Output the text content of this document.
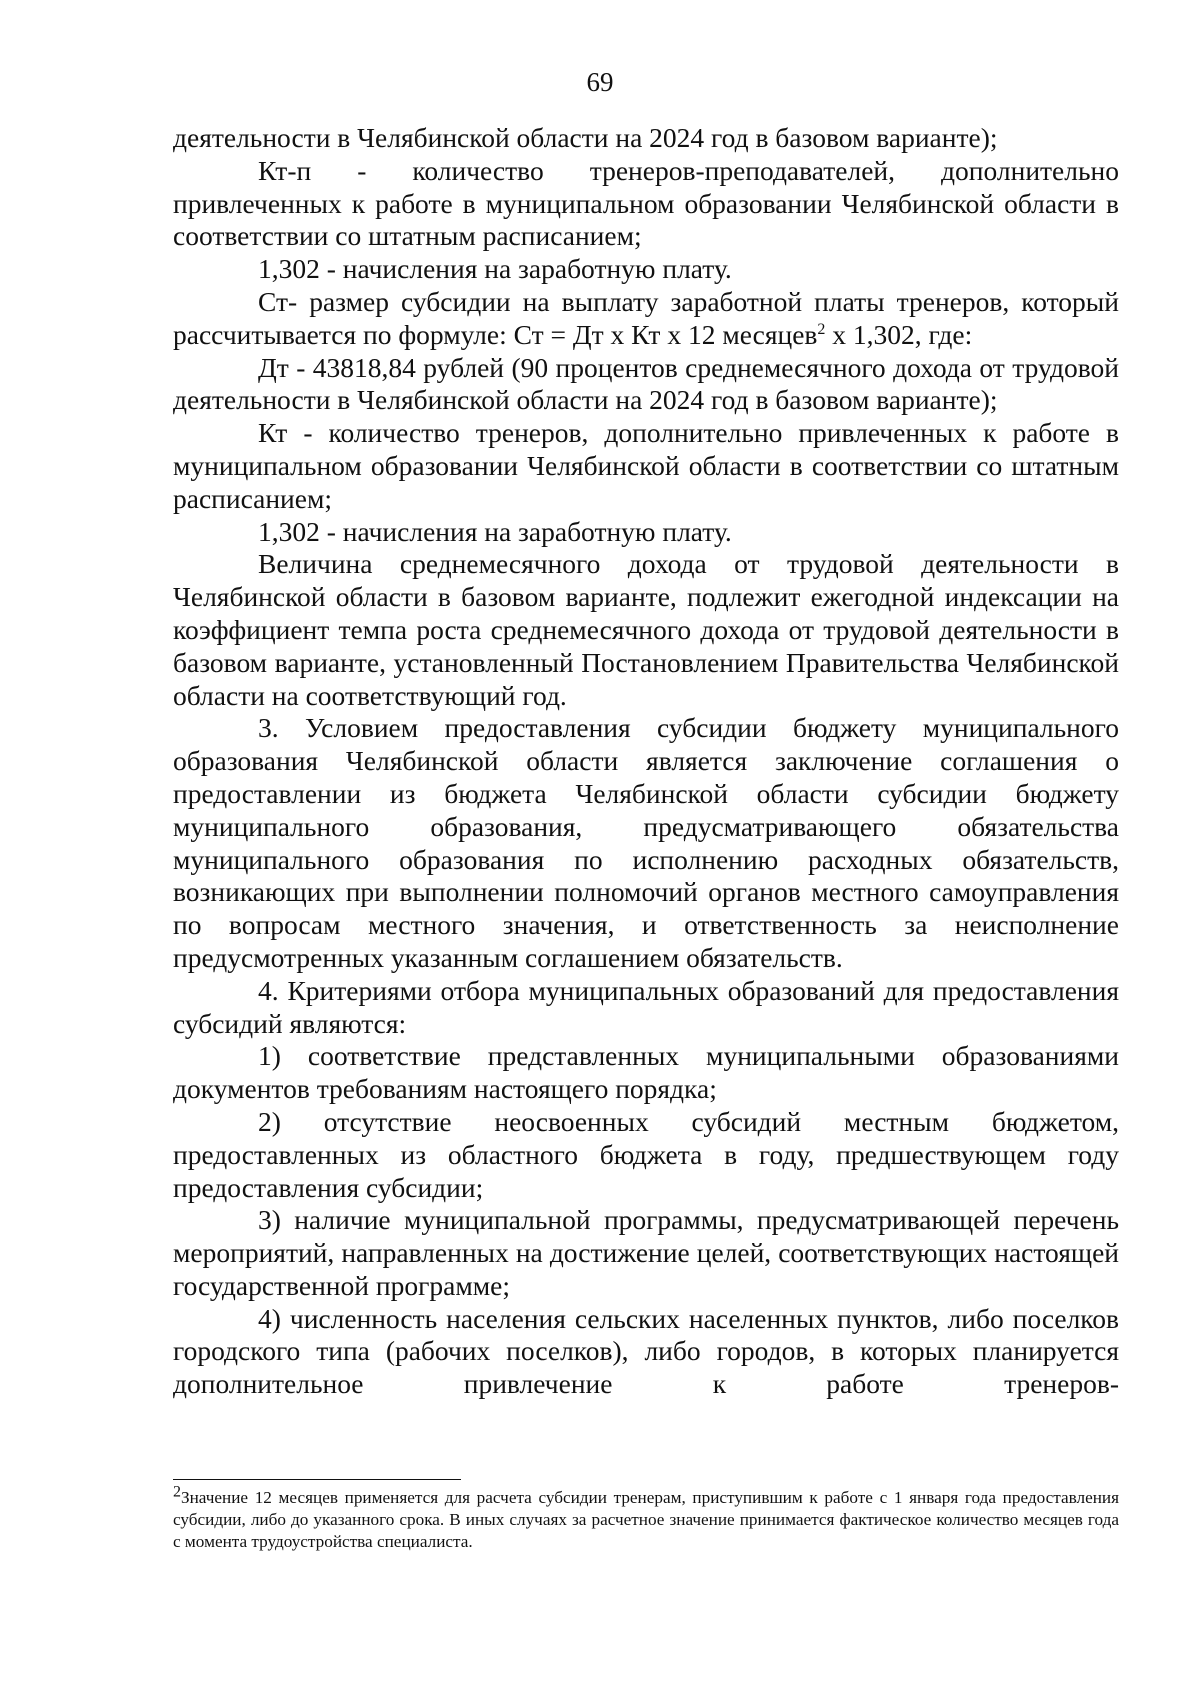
69

деятельности в Челябинской области на 2024 год в базовом варианте);

Кт-п - количество тренеров-преподавателей, дополнительно привлеченных к работе в муниципальном образовании Челябинской области в соответствии со штатным расписанием;

1,302 - начисления на заработную плату.

Ст- размер субсидии на выплату заработной платы тренеров, который рассчитывается по формуле: Ст = Дт х Кт х 12 месяцев$^2$ х 1,302, где:

Дт - 43818,84 рублей (90 процентов среднемесячного дохода от трудовой деятельности в Челябинской области на 2024 год в базовом варианте);

Кт - количество тренеров, дополнительно привлеченных к работе в муниципальном образовании Челябинской области в соответствии со штатным расписанием;

1,302 - начисления на заработную плату.

Величина среднемесячного дохода от трудовой деятельности в Челябинской области в базовом варианте, подлежит ежегодной индексации на коэффициент темпа роста среднемесячного дохода от трудовой деятельности в базовом варианте, установленный Постановлением Правительства Челябинской области на соответствующий год.

3. Условием предоставления субсидии бюджету муниципального образования Челябинской области является заключение соглашения о предоставлении из бюджета Челябинской области субсидии бюджету муниципального образования, предусматривающего обязательства муниципального образования по исполнению расходных обязательств, возникающих при выполнении полномочий органов местного самоуправления по вопросам местного значения, и ответственность за неисполнение предусмотренных указанным соглашением обязательств.

4. Критериями отбора муниципальных образований для предоставления субсидий являются:

1) соответствие представленных муниципальными образованиями документов требованиям настоящего порядка;

2) отсутствие неосвоенных субсидий местным бюджетом, предоставленных из областного бюджета в году, предшествующем году предоставления субсидии;

3) наличие муниципальной программы, предусматривающей перечень мероприятий, направленных на достижение целей, соответствующих настоящей государственной программе;

4) численность населения сельских населенных пунктов, либо поселков городского типа (рабочих поселков), либо городов, в которых планируется дополнительное привлечение к работе тренеров-

$^2$Значение 12 месяцев применяется для расчета субсидии тренерам, приступившим к работе с 1 января года предоставления субсидии, либо до указанного срока. В иных случаях за расчетное значение принимается фактическое количество месяцев года с момента трудоустройства специалиста.
